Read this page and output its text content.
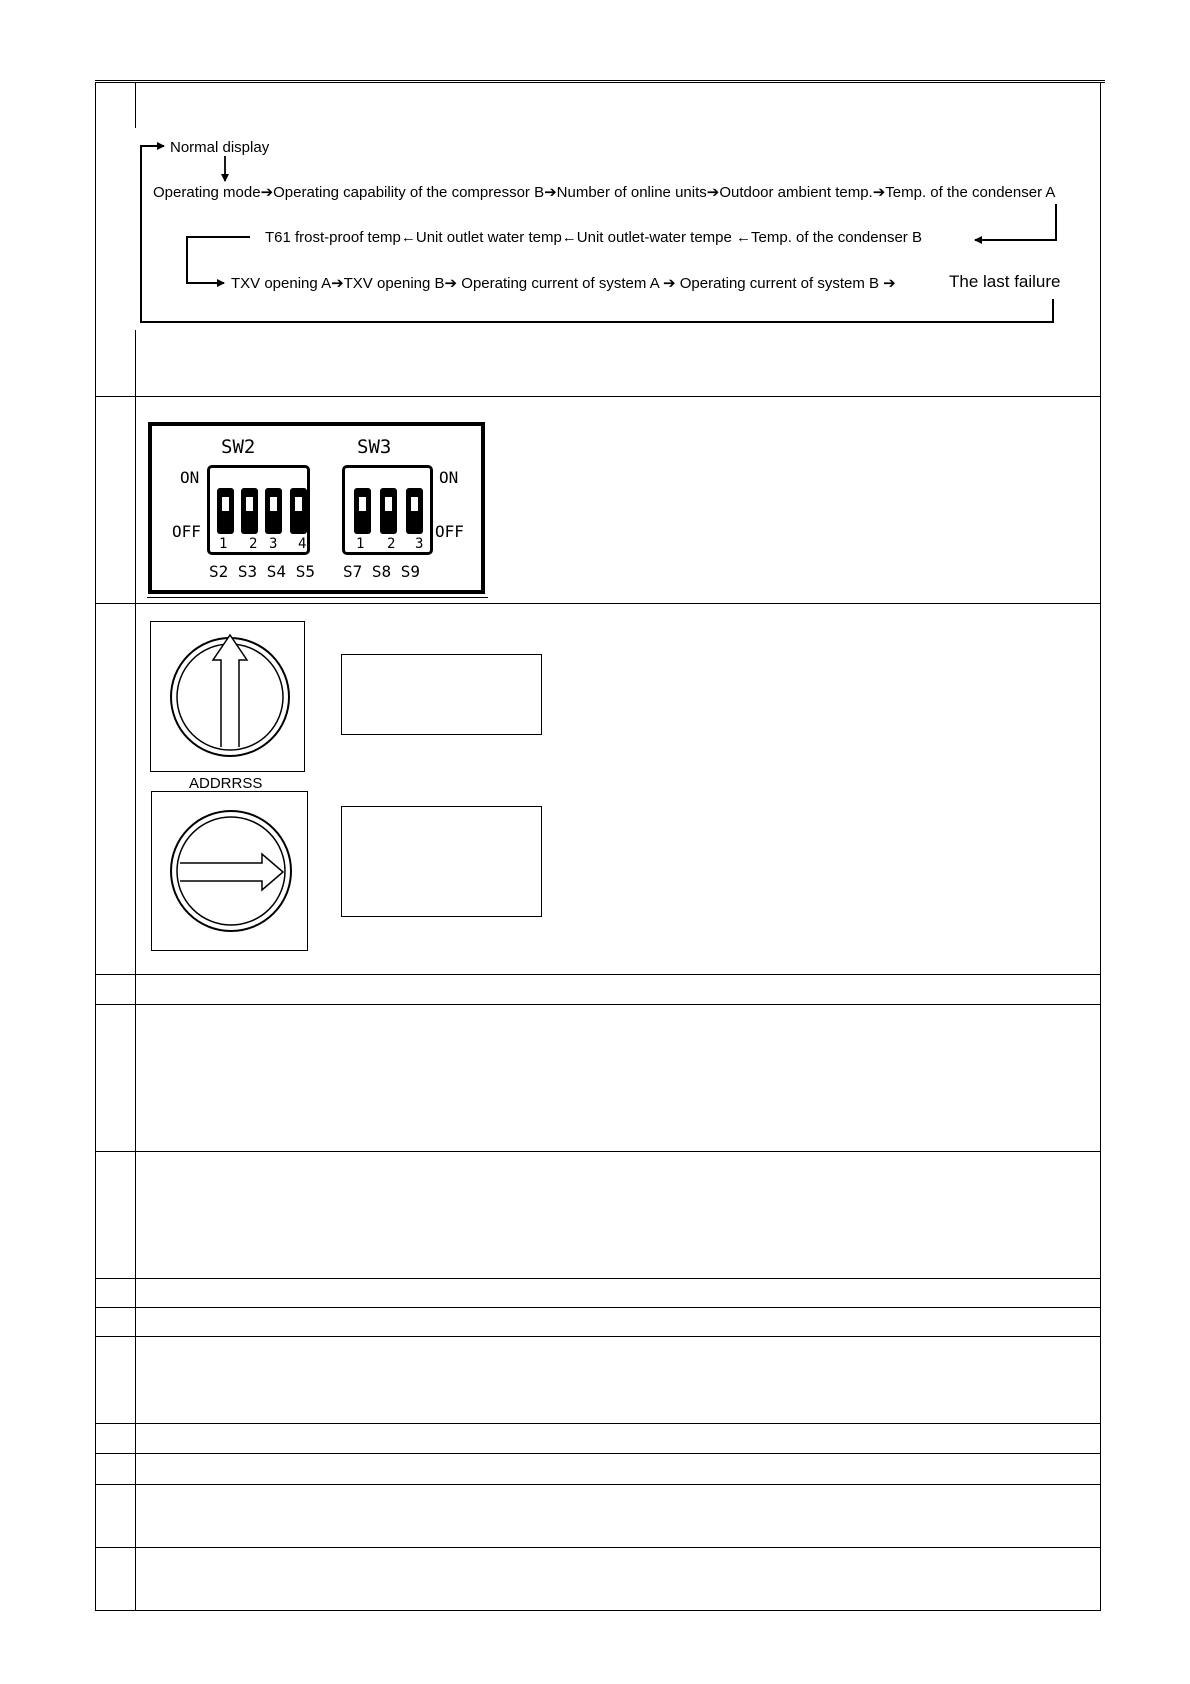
Normal display
Operating mode➔Operating capability of the compressor B➔Number of online units➔Outdoor ambient temp.➔Temp. of the condenser A
T61 frost-proof temp←Unit outlet water temp←Unit outlet-water tempe ←Temp. of the condenser B
TXV opening A➔TXV opening B➔ Operating current of system A ➔ Operating current of system B ➔	The last failure
SW2	SW3
ON
OFF
ON
OFF
1 2 3 4	1 2 3
S2 S3 S4 S5 S7 S8 S9
ADDRRSS
